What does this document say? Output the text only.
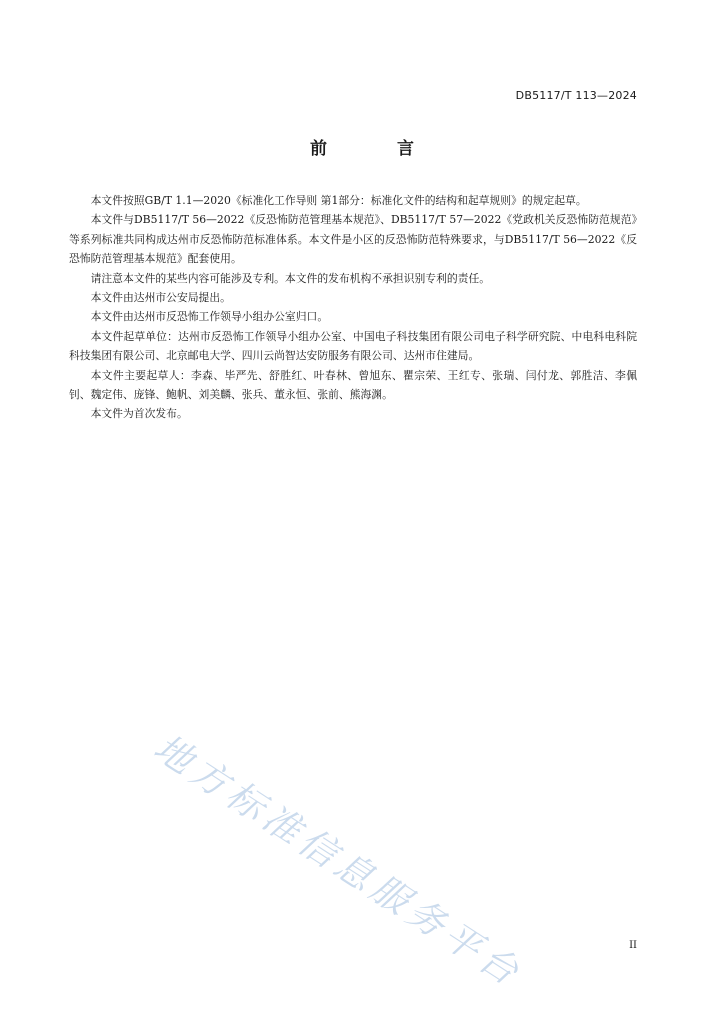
DB5117/T 113—2024
前 言

本文件按照GB/T 1.1—2020《标准化工作导则 第1部分：标准化文件的结构和起草规则》的规定起草。

本文件与DB5117/T 56—2022《反恐怖防范管理基本规范》、DB5117/T 57—2022《党政机关反恐怖防范规范》等系列标准共同构成达州市反恐怖防范标准体系。本文件是小区的反恐怖防范特殊要求，与DB5117/T 56—2022《反恐怖防范管理基本规范》配套使用。

请注意本文件的某些内容可能涉及专利。本文件的发布机构不承担识别专利的责任。

本文件由达州市公安局提出。

本文件由达州市反恐怖工作领导小组办公室归口。

本文件起草单位：达州市反恐怖工作领导小组办公室、中国电子科技集团有限公司电子科学研究院、中电科电科院科技集团有限公司、北京邮电大学、四川云尚智达安防服务有限公司、达州市住建局。

本文件主要起草人：李森、毕严先、舒胜红、叶春林、曾旭东、瞿宗荣、王红专、张瑞、闫付龙、郭胜洁、李佩钊、魏定伟、庞锋、鲍帆、刘美麟、张兵、董永恒、张前、熊海渊。

本文件为首次发布。

地方标准信息服务平台	II
